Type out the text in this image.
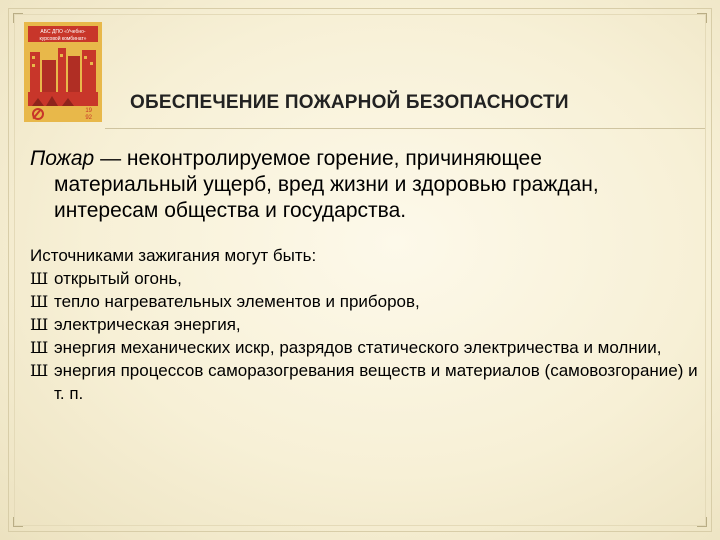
АБС ДПО «Учебно-
курсовой комбинат»
19
92
ОБЕСПЕЧЕНИЕ ПОЖАРНОЙ БЕЗОПАСНОСТИ
Пожар — неконтролируемое горение, причиняющее материальный ущерб, вред жизни и здоровью граждан, интересам общества и государства.
Источниками зажигания могут быть:
Ш открытый огонь,
Ш тепло нагревательных элементов и приборов,
Ш электрическая энергия,
Ш энергия механических искр, разрядов статического электричества и молнии,
Ш энергия процессов саморазогревания веществ и материалов (самовозгорание) и т. п.
